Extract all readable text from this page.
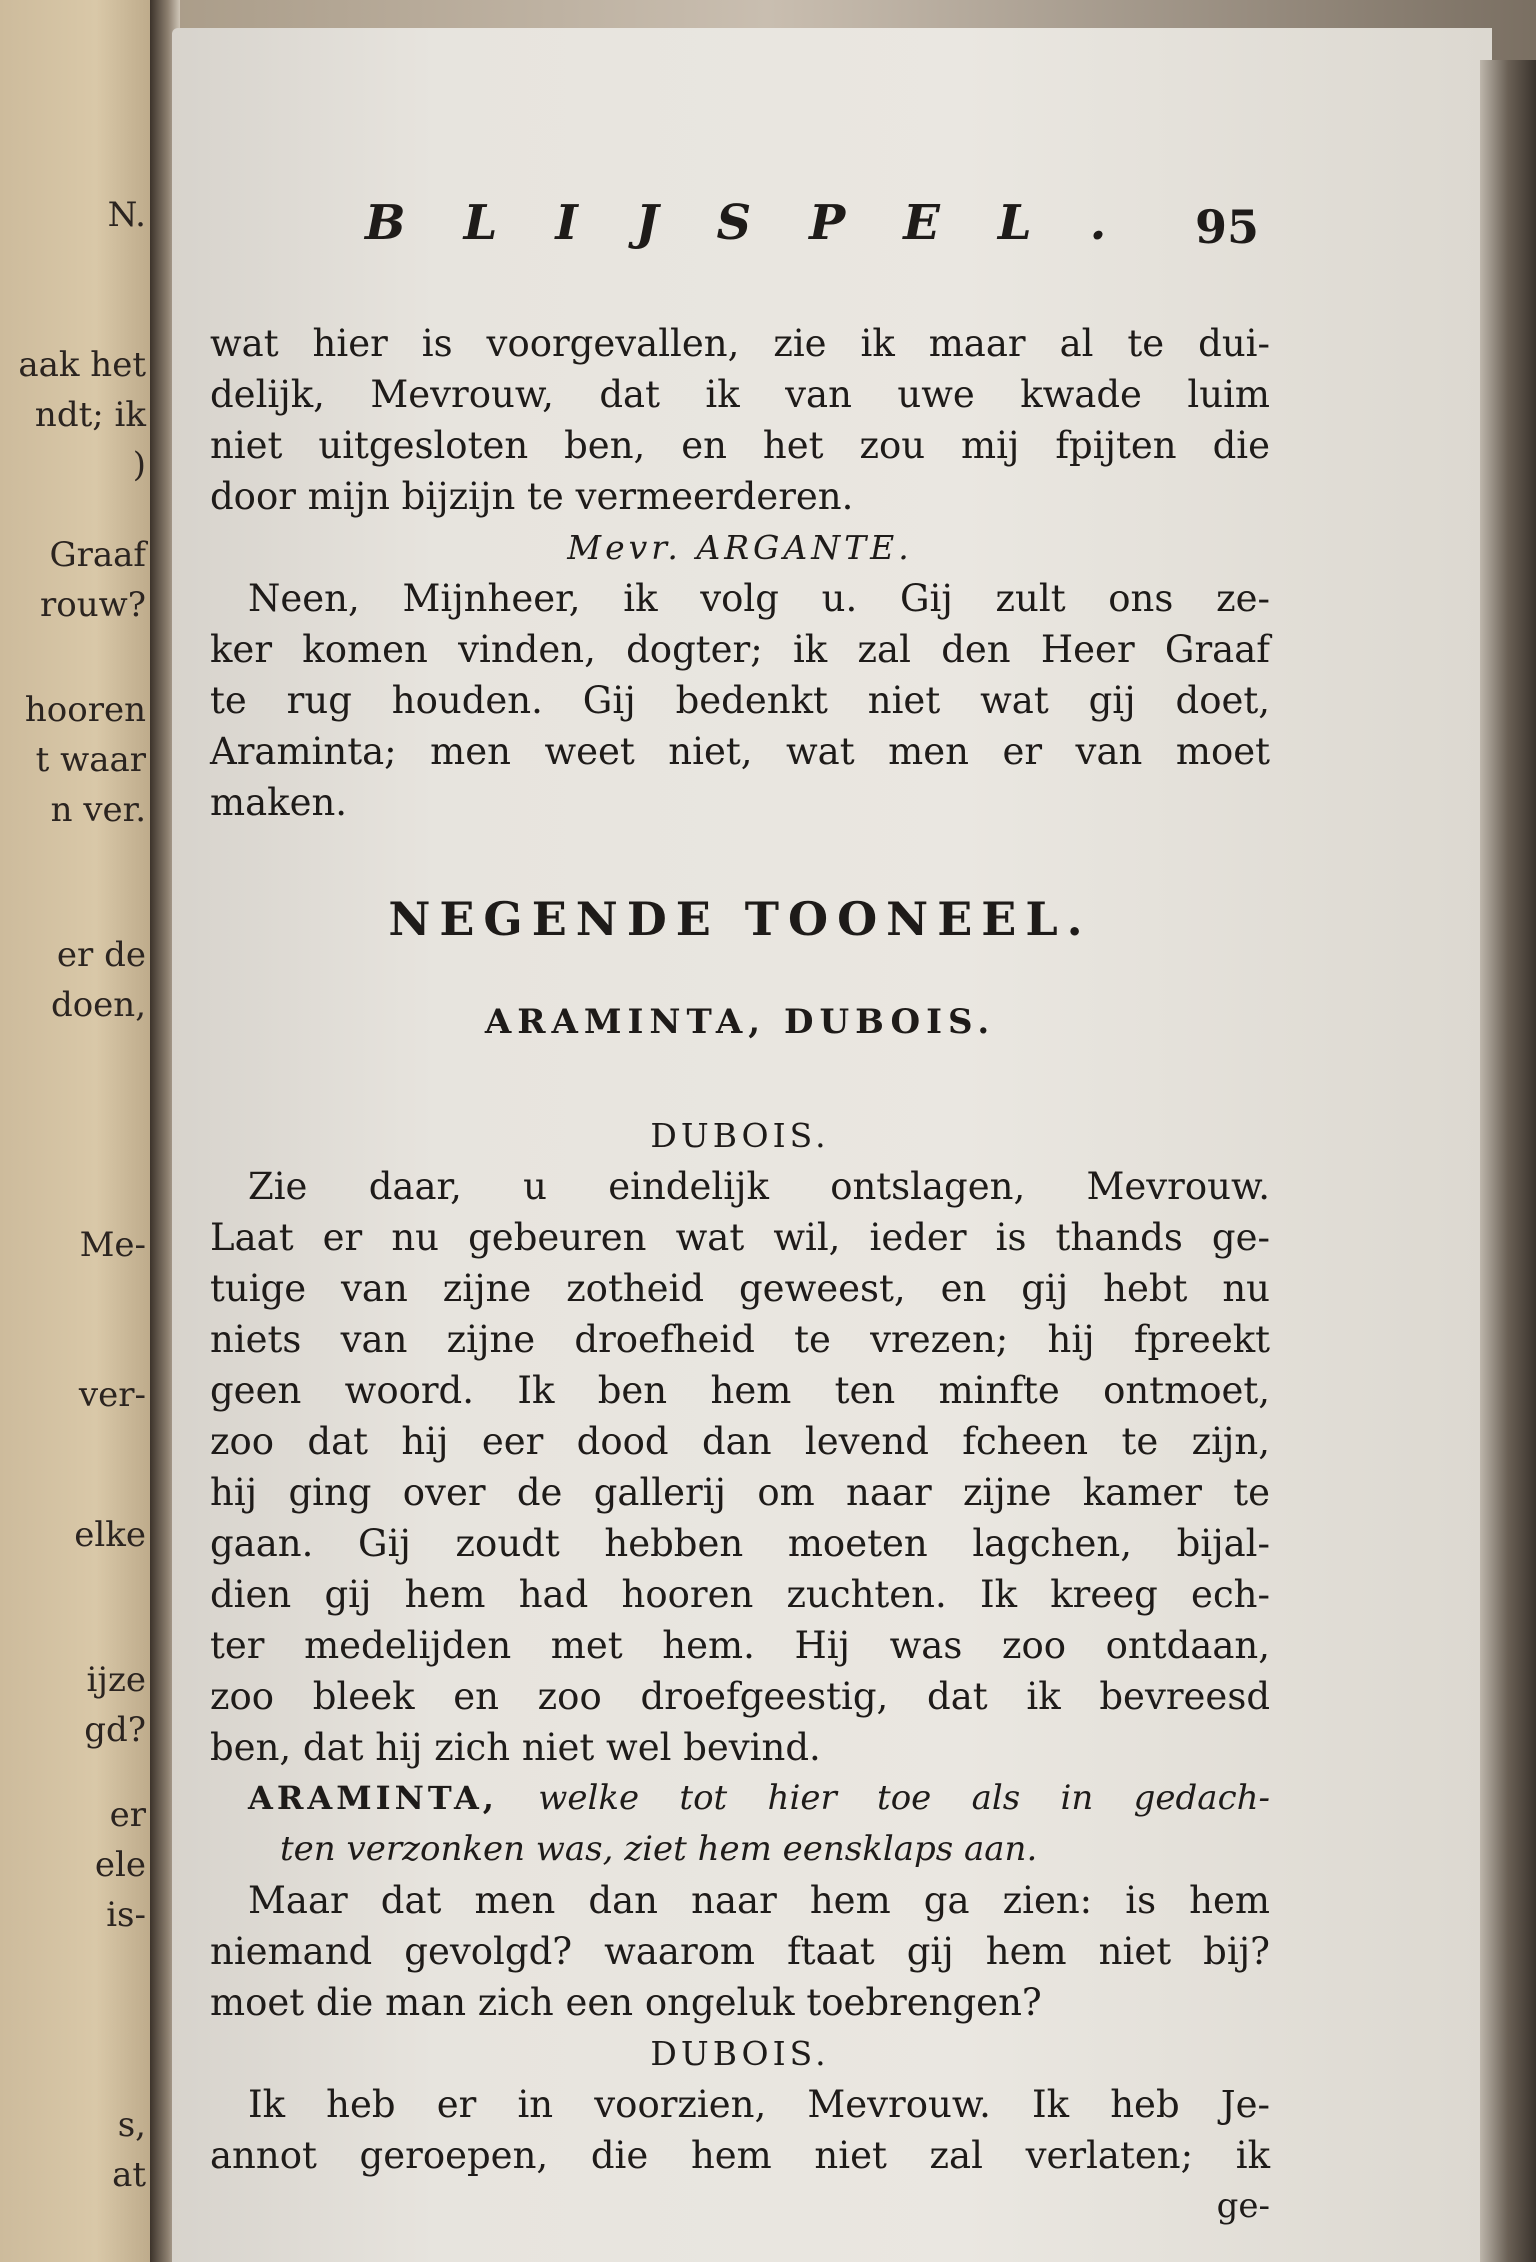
N.
aak het
ndt; ik
)
Graaf
rouw?
hooren
t waar
n ver.
er de
doen,
Me-
ver-
elke
ijze
gd?
er
ele
is-
s,
at
BLIJSPEL. 95
wat hier is voorgevallen, zie ik maar al te dui-
delijk, Mevrouw, dat ik van uwe kwade luim
niet uitgesloten ben, en het zou mij fpijten die
door mijn bijzijn te vermeerderen.
Mevr. ARGANTE.
Neen, Mijnheer, ik volg u. Gij zult ons ze-
ker komen vinden, dogter; ik zal den Heer Graaf
te rug houden. Gij bedenkt niet wat gij doet,
Araminta; men weet niet, wat men er van moet
maken.
NEGENDE TOONEEL.
ARAMINTA, DUBOIS.
DUBOIS.
Zie daar, u eindelijk ontslagen, Mevrouw.
Laat er nu gebeuren wat wil, ieder is thands ge-
tuige van zijne zotheid geweest, en gij hebt nu
niets van zijne droefheid te vrezen; hij fpreekt
geen woord. Ik ben hem ten minfte ontmoet,
zoo dat hij eer dood dan levend fcheen te zijn,
hij ging over de gallerij om naar zijne kamer te
gaan. Gij zoudt hebben moeten lagchen, bijal-
dien gij hem had hooren zuchten. Ik kreeg ech-
ter medelijden met hem. Hij was zoo ontdaan,
zoo bleek en zoo droefgeestig, dat ik bevreesd
ben, dat hij zich niet wel bevind.
ARAMINTA, welke tot hier toe als in gedach-
ten verzonken was, ziet hem eensklaps aan.
Maar dat men dan naar hem ga zien: is hem
niemand gevolgd? waarom ftaat gij hem niet bij?
moet die man zich een ongeluk toebrengen?
DUBOIS.
Ik heb er in voorzien, Mevrouw. Ik heb Je-
annot geroepen, die hem niet zal verlaten; ik
ge-
